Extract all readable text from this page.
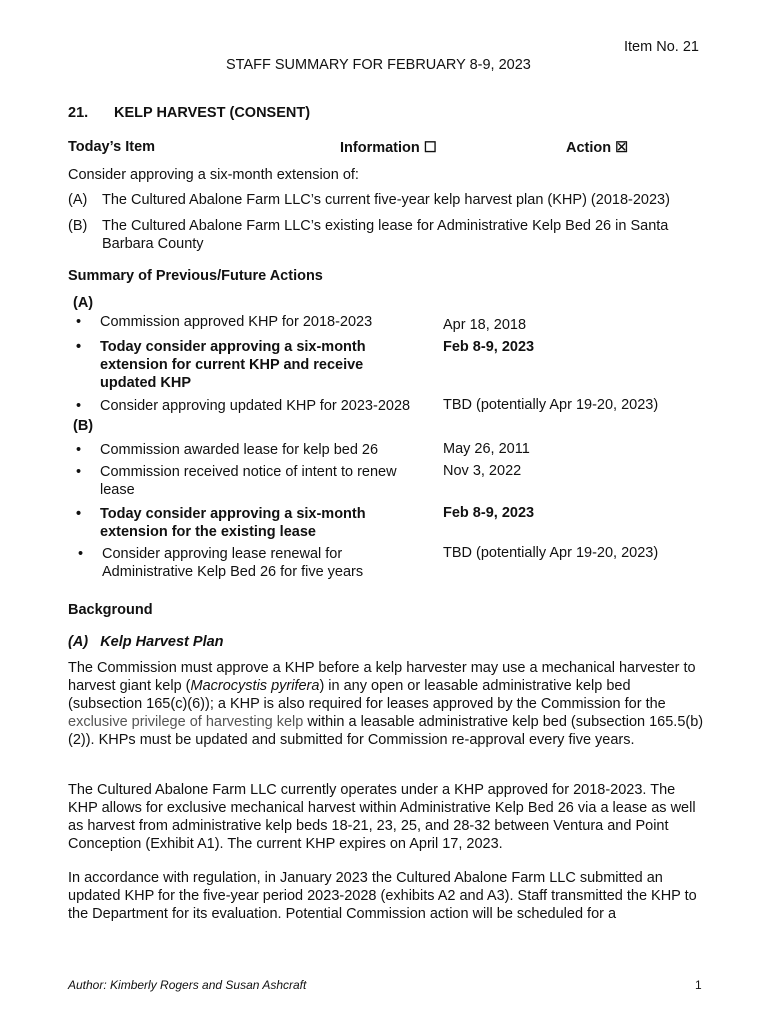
Item No. 21
STAFF SUMMARY FOR FEBRUARY 8-9, 2023
21. KELP HARVEST (CONSENT)
Today’s Item	Information ☐	Action ☒
Consider approving a six-month extension of:
(A) The Cultured Abalone Farm LLC’s current five-year kelp harvest plan (KHP) (2018-2023)
(B) The Cultured Abalone Farm LLC’s existing lease for Administrative Kelp Bed 26 in Santa Barbara County
Summary of Previous/Future Actions
(A)
• Commission approved KHP for 2018-2023	Apr 18, 2018
• Today consider approving a six-month extension for current KHP and receive updated KHP
Feb 8-9, 2023
• Consider approving updated KHP for 2023-2028	TBD (potentially Apr 19-20, 2023)
(B)
• Commission awarded lease for kelp bed 26	May 26, 2011
• Commission received notice of intent to renew lease
Nov 3, 2022
• Today consider approving a six-month extension for the existing lease
Feb 8-9, 2023
• Consider approving lease renewal for Administrative Kelp Bed 26 for five years
TBD (potentially Apr 19-20, 2023)
Background
(A)   Kelp Harvest Plan
The Commission must approve a KHP before a kelp harvester may use a mechanical harvester to harvest giant kelp (Macrocystis pyrifera) in any open or leasable administrative kelp bed (subsection 165(c)(6)); a KHP is also required for leases approved by the Commission for the exclusive privilege of harvesting kelp within a leasable administrative kelp bed (subsection 165.5(b)(2)). KHPs must be updated and submitted for Commission re-approval every five years.
The Cultured Abalone Farm LLC currently operates under a KHP approved for 2018-2023. The KHP allows for exclusive mechanical harvest within Administrative Kelp Bed 26 via a lease as well as harvest from administrative kelp beds 18-21, 23, 25, and 28-32 between Ventura and Point Conception (Exhibit A1). The current KHP expires on April 17, 2023.
In accordance with regulation, in January 2023 the Cultured Abalone Farm LLC submitted an updated KHP for the five-year period 2023-2028 (exhibits A2 and A3). Staff transmitted the KHP to the Department for its evaluation. Potential Commission action will be scheduled for a
Author: Kimberly Rogers and Susan Ashcraft	1
